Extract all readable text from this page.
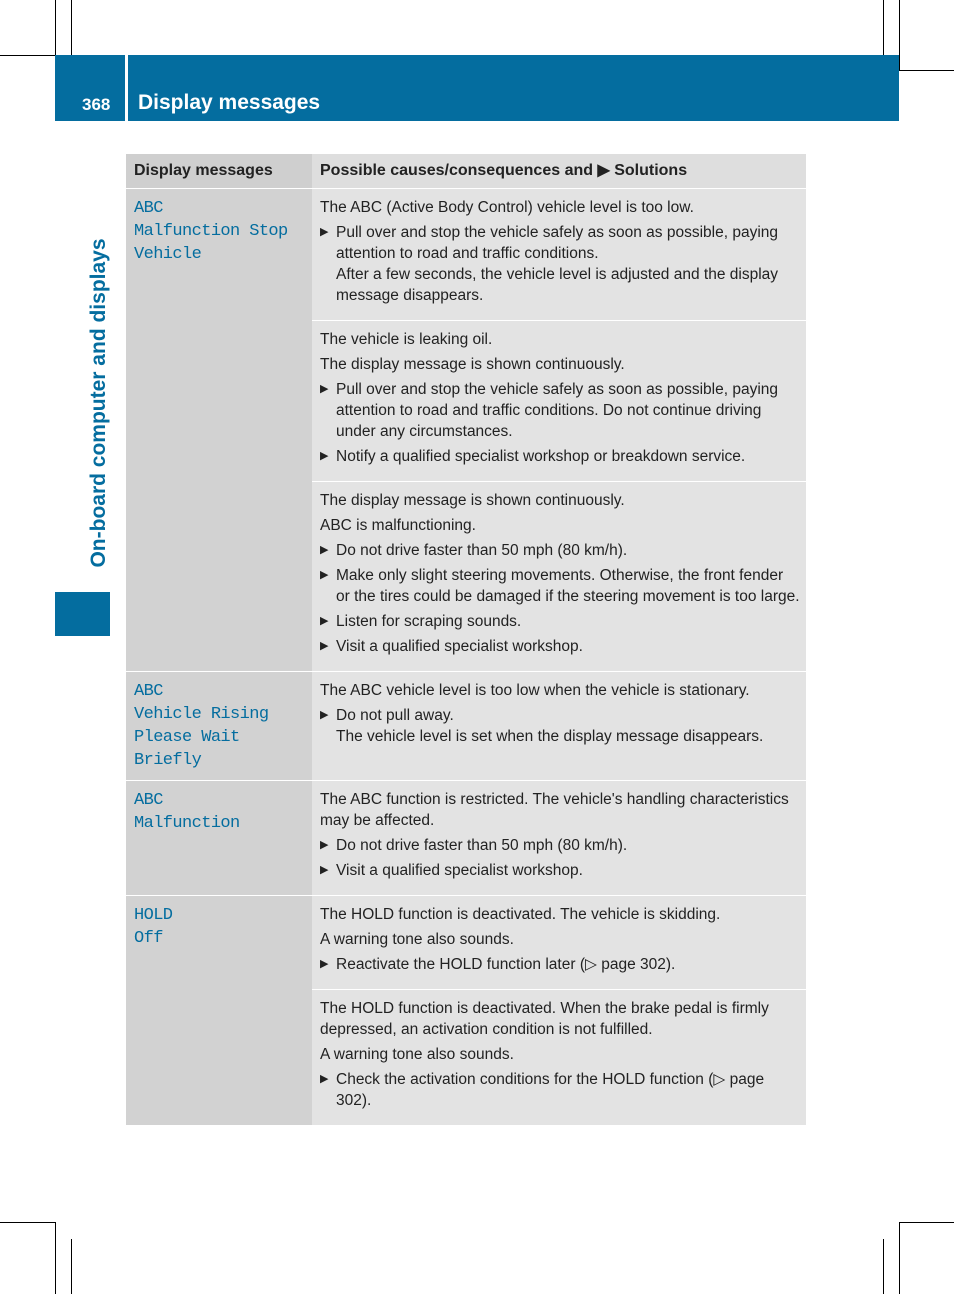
368 Display messages
On-board computer and displays
Display messages	Possible causes/consequences and ▶ Solutions
ABC
Malfunction Stop
Vehicle
The ABC (Active Body Control) vehicle level is too low.
▶ Pull over and stop the vehicle safely as soon as possible, paying attention to road and traffic conditions.
After a few seconds, the vehicle level is adjusted and the display message disappears.
The vehicle is leaking oil.
The display message is shown continuously.
▶ Pull over and stop the vehicle safely as soon as possible, paying attention to road and traffic conditions. Do not continue driving under any circumstances.
▶ Notify a qualified specialist workshop or breakdown service.
The display message is shown continuously.
ABC is malfunctioning.
▶ Do not drive faster than 50 mph (80 km/h).
▶ Make only slight steering movements. Otherwise, the front fender or the tires could be damaged if the steering movement is too large.
▶ Listen for scraping sounds.
▶ Visit a qualified specialist workshop.
ABC
Vehicle Rising
Please Wait Briefly
The ABC vehicle level is too low when the vehicle is stationary.
▶ Do not pull away.
The vehicle level is set when the display message disappears.
ABC
Malfunction
The ABC function is restricted. The vehicle's handling characteristics may be affected.
▶ Do not drive faster than 50 mph (80 km/h).
▶ Visit a qualified specialist workshop.
HOLD
Off
The HOLD function is deactivated. The vehicle is skidding.
A warning tone also sounds.
▶ Reactivate the HOLD function later (▷ page 302).
The HOLD function is deactivated. When the brake pedal is firmly depressed, an activation condition is not fulfilled.
A warning tone also sounds.
▶ Check the activation conditions for the HOLD function (▷ page 302).
